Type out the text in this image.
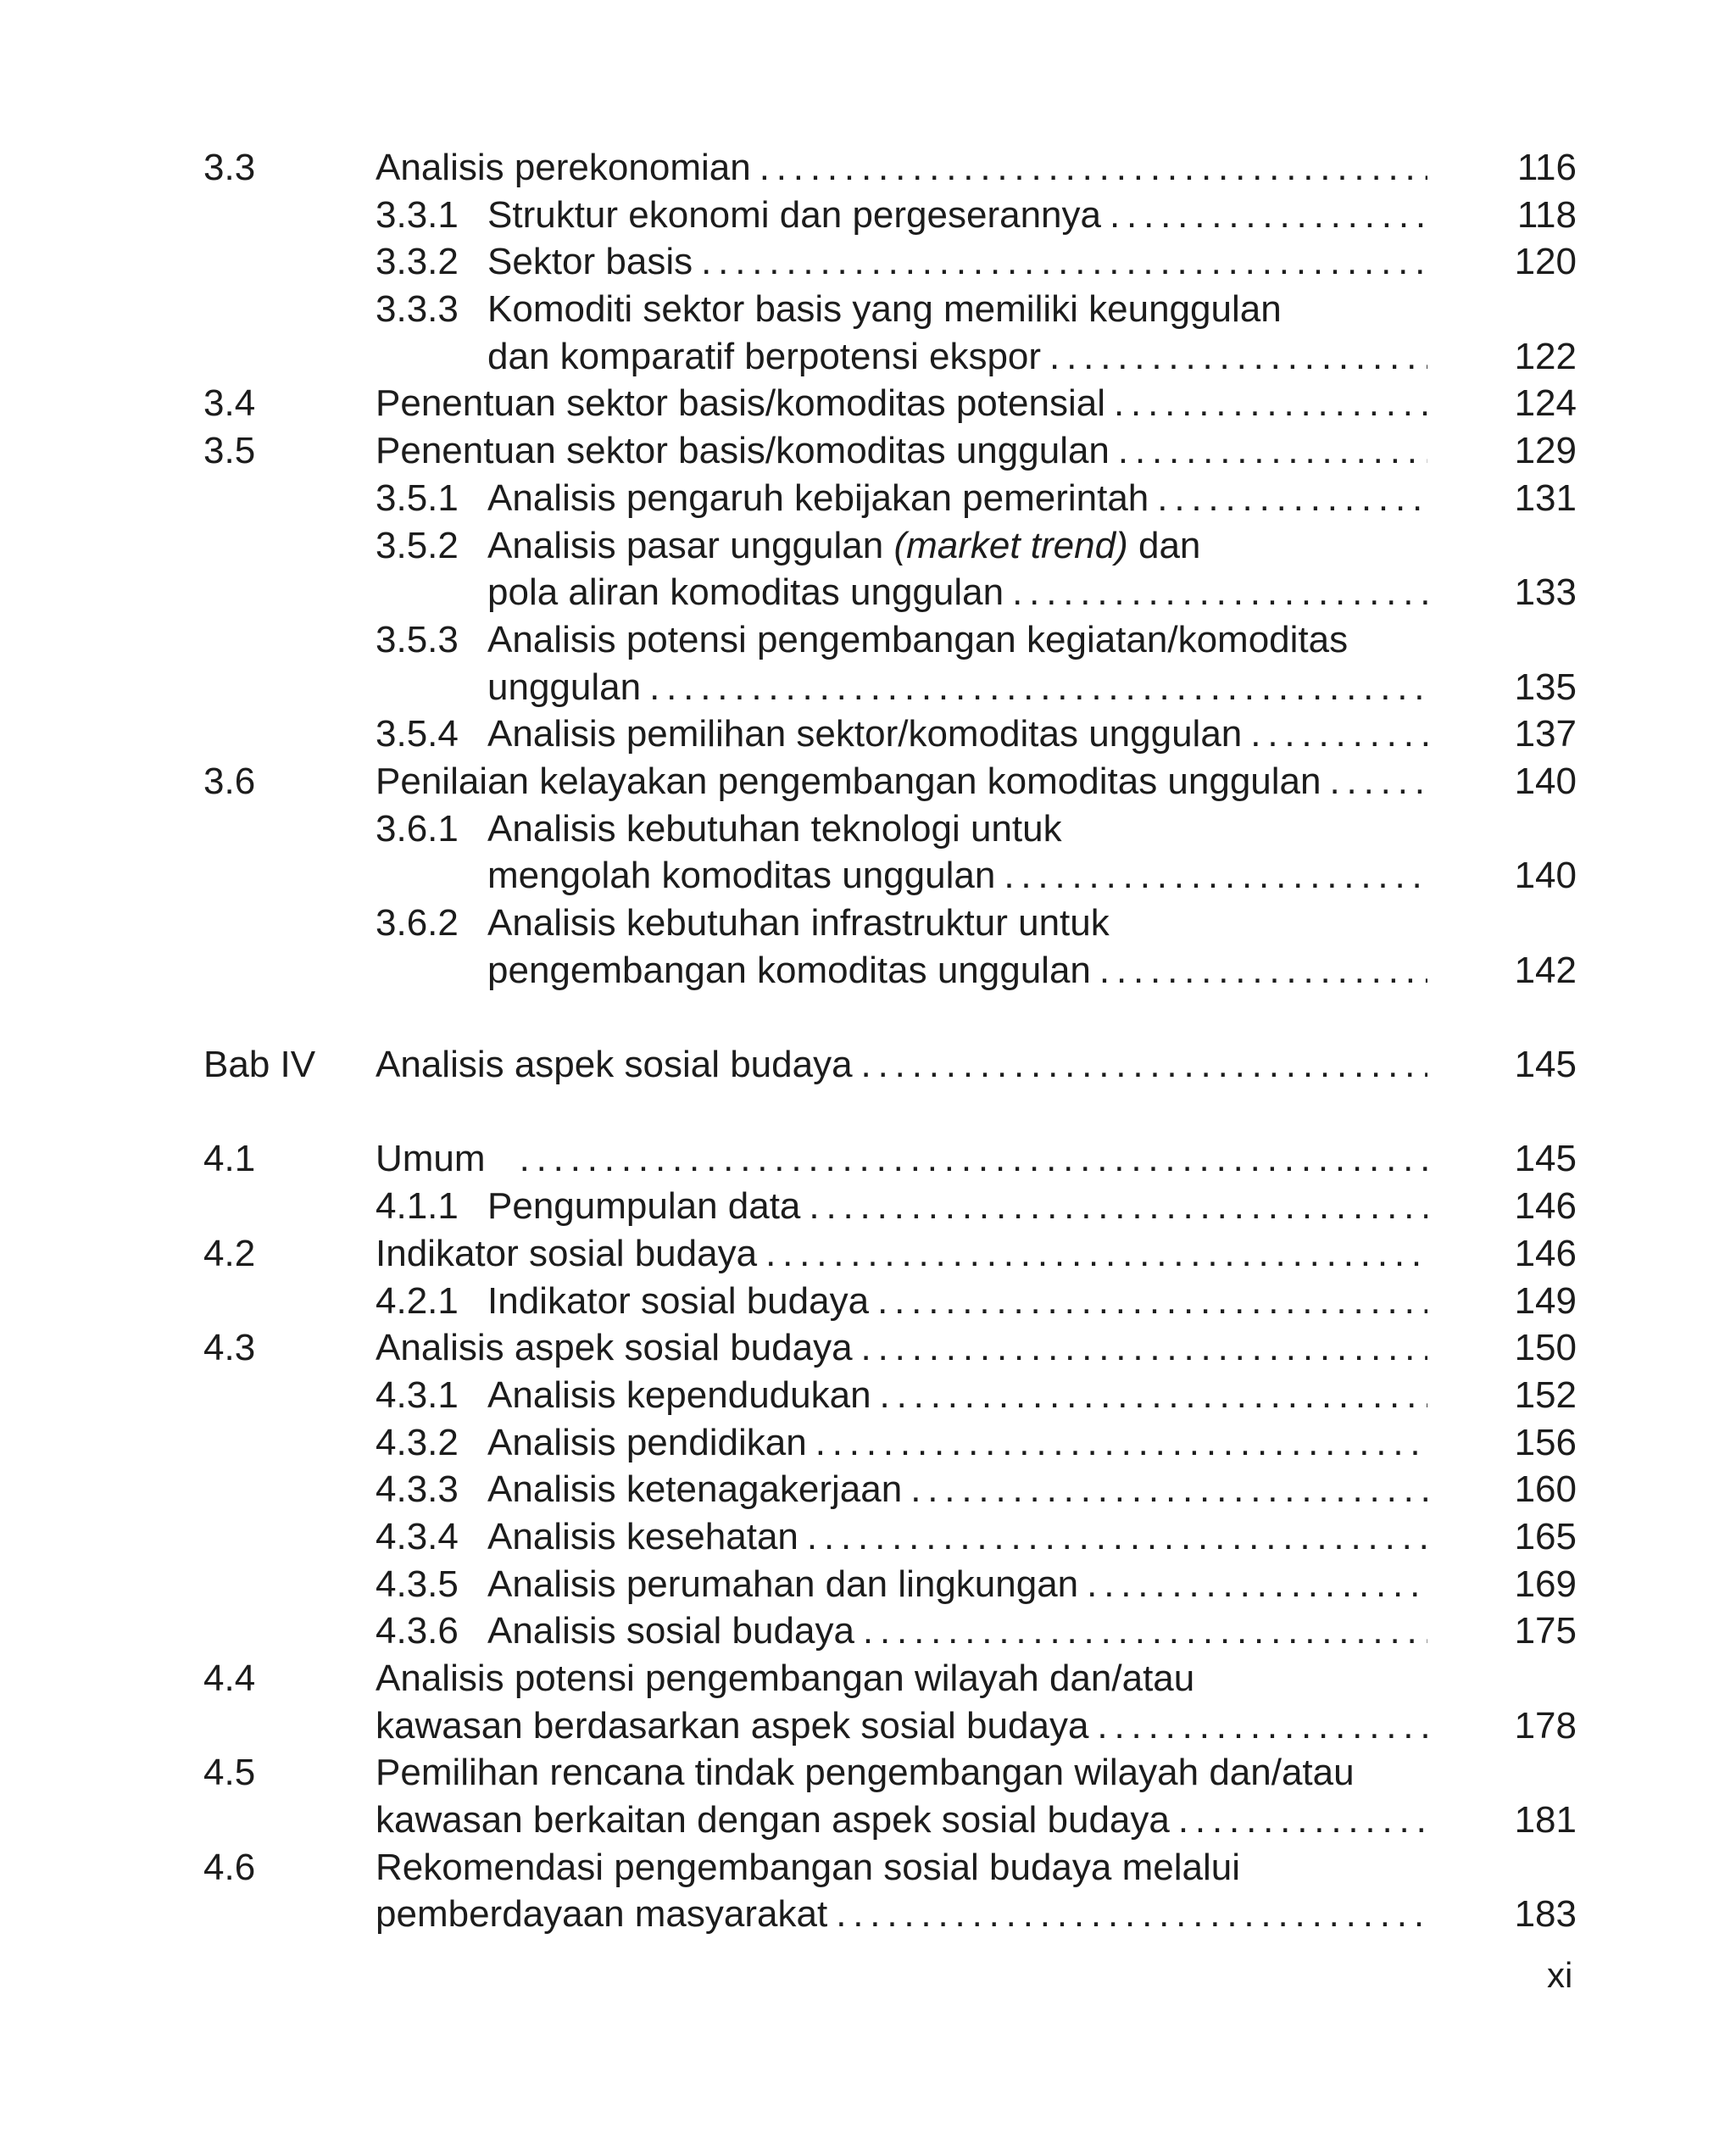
3.3	Analisis perekonomian . . .	116
3.3.1 Struktur ekonomi dan pergeserannya . . .	118
3.3.2 Sektor basis . . .	120
3.3.3 Komoditi sektor basis yang memiliki keunggulan
dan komparatif berpotensi ekspor . . .	122
3.4	Penentuan sektor basis/komoditas potensial . . .	124
3.5	Penentuan sektor basis/komoditas unggulan . . .	129
3.5.1 Analisis pengaruh kebijakan pemerintah . . .	131
3.5.2 Analisis pasar unggulan (market trend) dan
pola aliran komoditas unggulan . . .	133
3.5.3 Analisis potensi pengembangan kegiatan/komoditas
unggulan . . .	135
3.5.4 Analisis pemilihan sektor/komoditas unggulan . . .	137
3.6	Penilaian kelayakan pengembangan komoditas unggulan . . .	140
3.6.1 Analisis kebutuhan teknologi untuk
mengolah komoditas unggulan . . .	140
3.6.2 Analisis kebutuhan infrastruktur untuk
pengembangan komoditas unggulan . . .	142
Bab IV Analisis aspek sosial budaya . . .	145
4.1	Umum . . .	145
4.1.1 Pengumpulan data . . .	146
4.2	Indikator sosial budaya . . .	146
4.2.1 Indikator sosial budaya . . .	149
4.3	Analisis aspek sosial budaya . . .	150
4.3.1 Analisis kependudukan . . .	152
4.3.2 Analisis pendidikan . . .	156
4.3.3 Analisis ketenagakerjaan . . .	160
4.3.4 Analisis kesehatan . . .	165
4.3.5 Analisis perumahan dan lingkungan . . .	169
4.3.6 Analisis sosial budaya . . .	175
4.4	Analisis potensi pengembangan wilayah dan/atau
kawasan berdasarkan aspek sosial budaya . . .	178
4.5	Pemilihan rencana tindak pengembangan wilayah dan/atau
kawasan berkaitan dengan aspek sosial budaya . . .	181
4.6	Rekomendasi pengembangan sosial budaya melalui
pemberdayaan masyarakat . . .	183
xi
